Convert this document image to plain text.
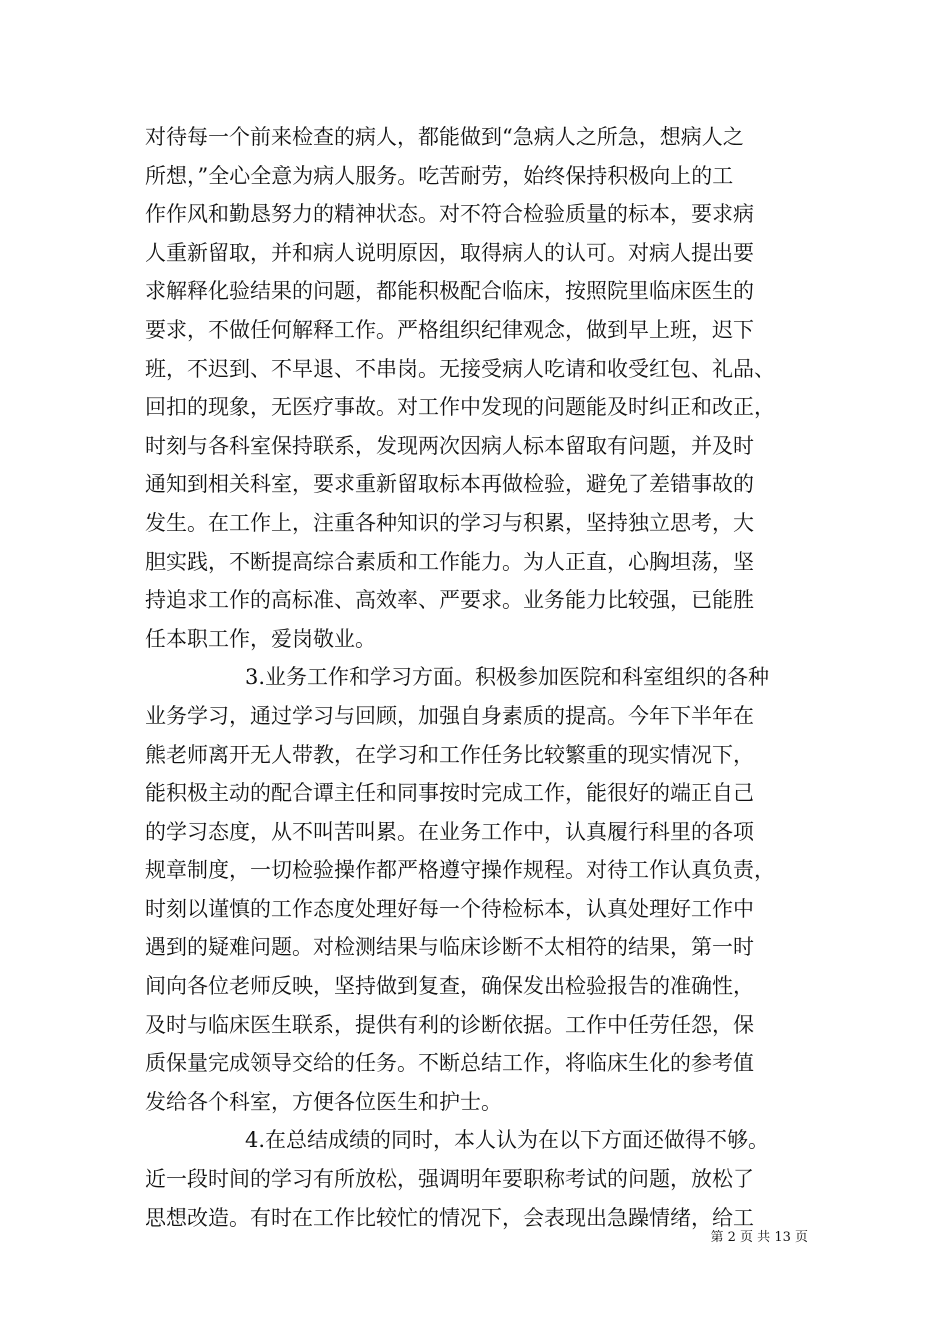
对待每一个前来检查的病人，都能做到“急病人之所急，想病人之
所想，”全心全意为病人服务。吃苦耐劳，始终保持积极向上的工
作作风和勤恳努力的精神状态。对不符合检验质量的标本，要求病
人重新留取，并和病人说明原因，取得病人的认可。对病人提出要
求解释化验结果的问题，都能积极配合临床，按照院里临床医生的
要求，不做任何解释工作。严格组织纪律观念，做到早上班，迟下
班，不迟到、不早退、不串岗。无接受病人吃请和收受红包、礼品、
回扣的现象，无医疗事故。对工作中发现的问题能及时纠正和改正，
时刻与各科室保持联系，发现两次因病人标本留取有问题，并及时
通知到相关科室，要求重新留取标本再做检验，避免了差错事故的
发生。在工作上，注重各种知识的学习与积累，坚持独立思考，大
胆实践，不断提高综合素质和工作能力。为人正直，心胸坦荡，坚
持追求工作的高标准、高效率、严要求。业务能力比较强，已能胜
任本职工作，爱岗敬业。
3.业务工作和学习方面。积极参加医院和科室组织的各种
业务学习，通过学习与回顾，加强自身素质的提高。今年下半年在
熊老师离开无人带教，在学习和工作任务比较繁重的现实情况下，
能积极主动的配合谭主任和同事按时完成工作，能很好的端正自己
的学习态度，从不叫苦叫累。在业务工作中，认真履行科里的各项
规章制度，一切检验操作都严格遵守操作规程。对待工作认真负责，
时刻以谨慎的工作态度处理好每一个待检标本，认真处理好工作中
遇到的疑难问题。对检测结果与临床诊断不太相符的结果，第一时
间向各位老师反映，坚持做到复查，确保发出检验报告的准确性，
及时与临床医生联系，提供有利的诊断依据。工作中任劳任怨，保
质保量完成领导交给的任务。不断总结工作，将临床生化的参考值
发给各个科室，方便各位医生和护士。
4.在总结成绩的同时，本人认为在以下方面还做得不够。
近一段时间的学习有所放松，强调明年要职称考试的问题，放松了
思想改造。有时在工作比较忙的情况下，会表现出急躁情绪，给工
第 2 页 共 13 页
